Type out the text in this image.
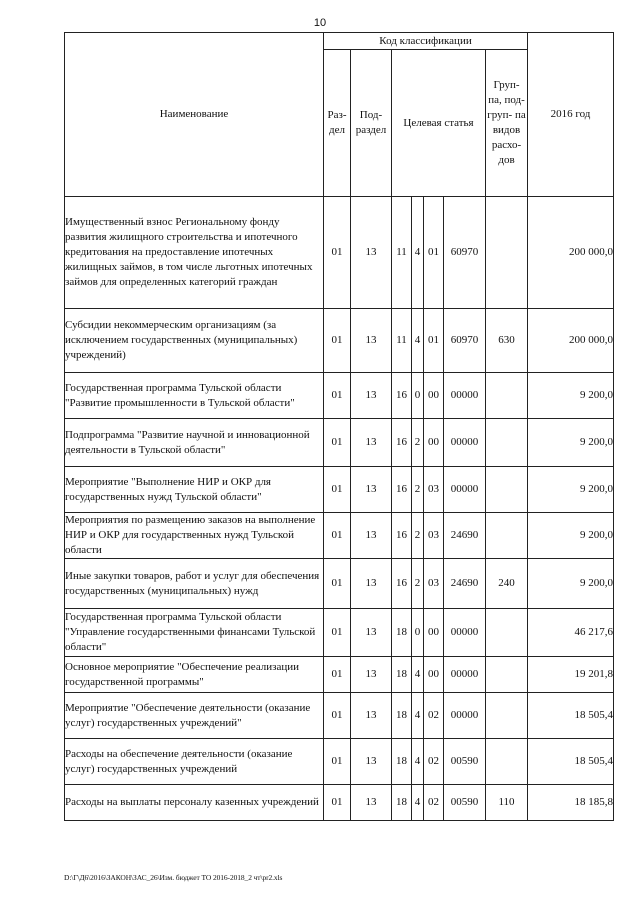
10
Наименование	Код классификации							2016 год
	Раз- дел	Под- раздел	Целевая статья				Груп- па, под- груп- па видов расхо- дов	
Имущественный взнос Региональному фонду развития жилищного строительства и ипотечного кредитования на предоставление ипотечных жилищных займов, в том числе льготных ипотечных займов для определенных категорий граждан	01	13	11	4	01	60970		200 000,0
Субсидии некоммерческим организациям (за исключением государственных (муниципальных) учреждений)	01	13	11	4	01	60970	630	200 000,0
Государственная программа Тульской области "Развитие промышленности в Тульской области"	01	13	16	0	00	00000		9 200,0
Подпрограмма "Развитие научной и инновационной деятельности в Тульской области"	01	13	16	2	00	00000		9 200,0
Мероприятие "Выполнение НИР и ОКР для государственных нужд Тульской области"	01	13	16	2	03	00000		9 200,0
Мероприятия по размещению заказов на выполнение НИР и ОКР для государственных нужд Тульской области	01	13	16	2	03	24690		9 200,0
Иные закупки товаров, работ и услуг для обеспечения государственных (муниципальных) нужд	01	13	16	2	03	24690	240	9 200,0
Государственная программа Тульской области "Управление государственными финансами Тульской области"	01	13	18	0	00	00000		46 217,6
Основное мероприятие "Обеспечение реализации государственной программы"	01	13	18	4	00	00000		19 201,8
Мероприятие "Обеспечение деятельности (оказание услуг) государственных учреждений"	01	13	18	4	02	00000		18 505,4
Расходы на обеспечение деятельности (оказание услуг) государственных учреждений	01	13	18	4	02	00590		18 505,4
Расходы на выплаты персоналу казенных учреждений	01	13	18	4	02	00590	110	18 185,8
D:\Г\Д6\2016\ЗАКОН\ЗАС_26\Изм. бюджет ТО 2016-2018_2 чт\pr2.xls
